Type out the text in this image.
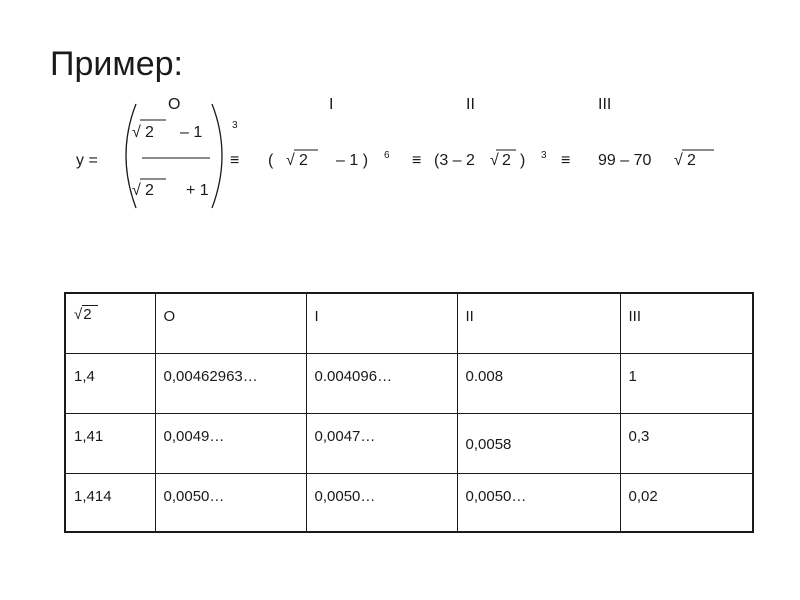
Пример:
O	I	II	III
√ 2 – 1	3
y =
√ 2 + 1
≡ ( √ 2 – 1 ) 6 ≡ (3 – 2 √ 2 ) 3 ≡ 99 – 70 √ 2
√2	O	I	II	III

1,4	0,00462963…	0.004096…	0.008	1

1,41	0,0049…	0,0047…	0,0058	0,3

1,414	0,0050…	0,0050…	0,0050…	0,02
